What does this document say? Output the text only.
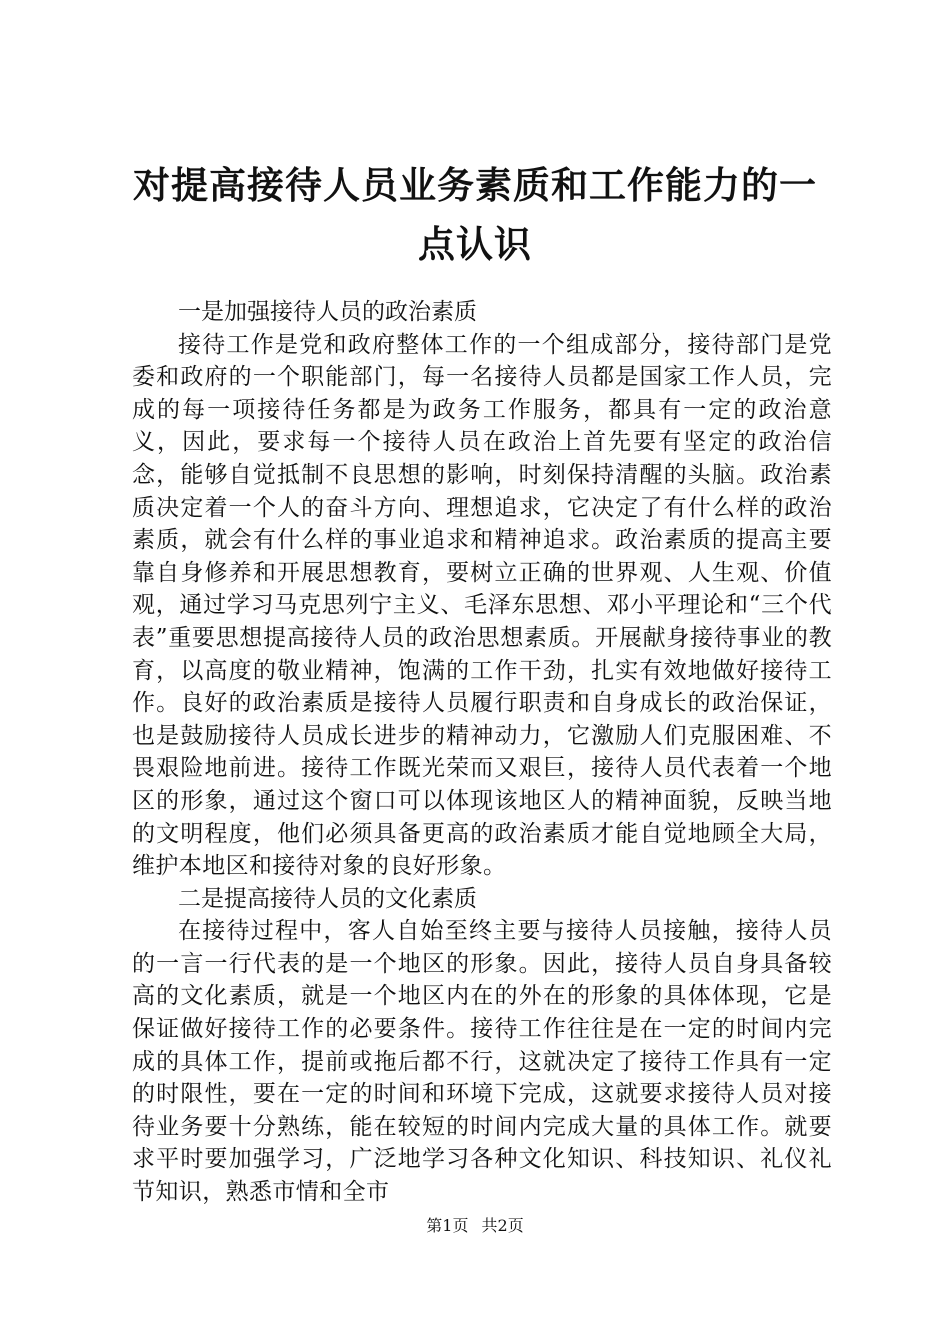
对提高接待人员业务素质和工作能力的一点认识

一是加强接待人员的政治素质

接待工作是党和政府整体工作的一个组成部分，接待部门是党委和政府的一个职能部门，每一名接待人员都是国家工作人员，完成的每一项接待任务都是为政务工作服务，都具有一定的政治意义，因此，要求每一个接待人员在政治上首先要有坚定的政治信念，能够自觉抵制不良思想的影响，时刻保持清醒的头脑。政治素质决定着一个人的奋斗方向、理想追求，它决定了有什么样的政治素质，就会有什么样的事业追求和精神追求。政治素质的提高主要靠自身修养和开展思想教育，要树立正确的世界观、人生观、价值观，通过学习马克思列宁主义、毛泽东思想、邓小平理论和“三个代表”重要思想提高接待人员的政治思想素质。开展献身接待事业的教育，以高度的敬业精神，饱满的工作干劲，扎实有效地做好接待工作。良好的政治素质是接待人员履行职责和自身成长的政治保证，也是鼓励接待人员成长进步的精神动力，它激励人们克服困难、不畏艰险地前进。接待工作既光荣而又艰巨，接待人员代表着一个地区的形象，通过这个窗口可以体现该地区人的精神面貌，反映当地的文明程度，他们必须具备更高的政治素质才能自觉地顾全大局，维护本地区和接待对象的良好形象。

二是提高接待人员的文化素质

在接待过程中，客人自始至终主要与接待人员接触，接待人员的一言一行代表的是一个地区的形象。因此，接待人员自身具备较高的文化素质，就是一个地区内在的外在的形象的具体体现，它是保证做好接待工作的必要条件。接待工作往往是在一定的时间内完成的具体工作，提前或拖后都不行，这就决定了接待工作具有一定的时限性，要在一定的时间和环境下完成，这就要求接待人员对接待业务要十分熟练，能在较短的时间内完成大量的具体工作。就要求平时要加强学习，广泛地学习各种文化知识、科技知识、礼仪礼节知识，熟悉市情和全市

第1页 共2页
